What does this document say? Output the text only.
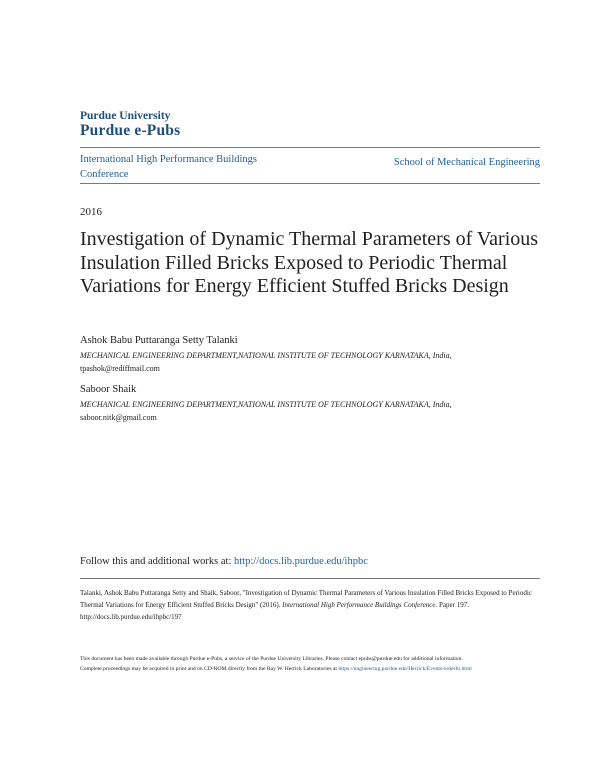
Purdue University
Purdue e-Pubs
International High Performance Buildings Conference
School of Mechanical Engineering
2016
Investigation of Dynamic Thermal Parameters of Various Insulation Filled Bricks Exposed to Periodic Thermal Variations for Energy Efficient Stuffed Bricks Design
Ashok Babu Puttaranga Setty Talanki
MECHANICAL ENGINEERING DEPARTMENT,NATIONAL INSTITUTE OF TECHNOLOGY KARNATAKA, India,
tpashok@rediffmail.com
Saboor Shaik
MECHANICAL ENGINEERING DEPARTMENT,NATIONAL INSTITUTE OF TECHNOLOGY KARNATAKA, India,
saboor.nitk@gmail.com
Follow this and additional works at: http://docs.lib.purdue.edu/ihpbc
Talanki, Ashok Babu Puttaranga Setty and Shaik, Saboor, "Investigation of Dynamic Thermal Parameters of Various Insulation Filled Bricks Exposed to Periodic Thermal Variations for Energy Efficient Stuffed Bricks Design" (2016). International High Performance Buildings Conference. Paper 197.
http://docs.lib.purdue.edu/ihpbc/197
This document has been made available through Purdue e-Pubs, a service of the Purdue University Libraries. Please contact epubs@purdue.edu for additional information.
Complete proceedings may be acquired in print and on CD-ROM directly from the Ray W. Herrick Laboratories at https://engineering.purdue.edu/Herrick/Events/orderlit.html
